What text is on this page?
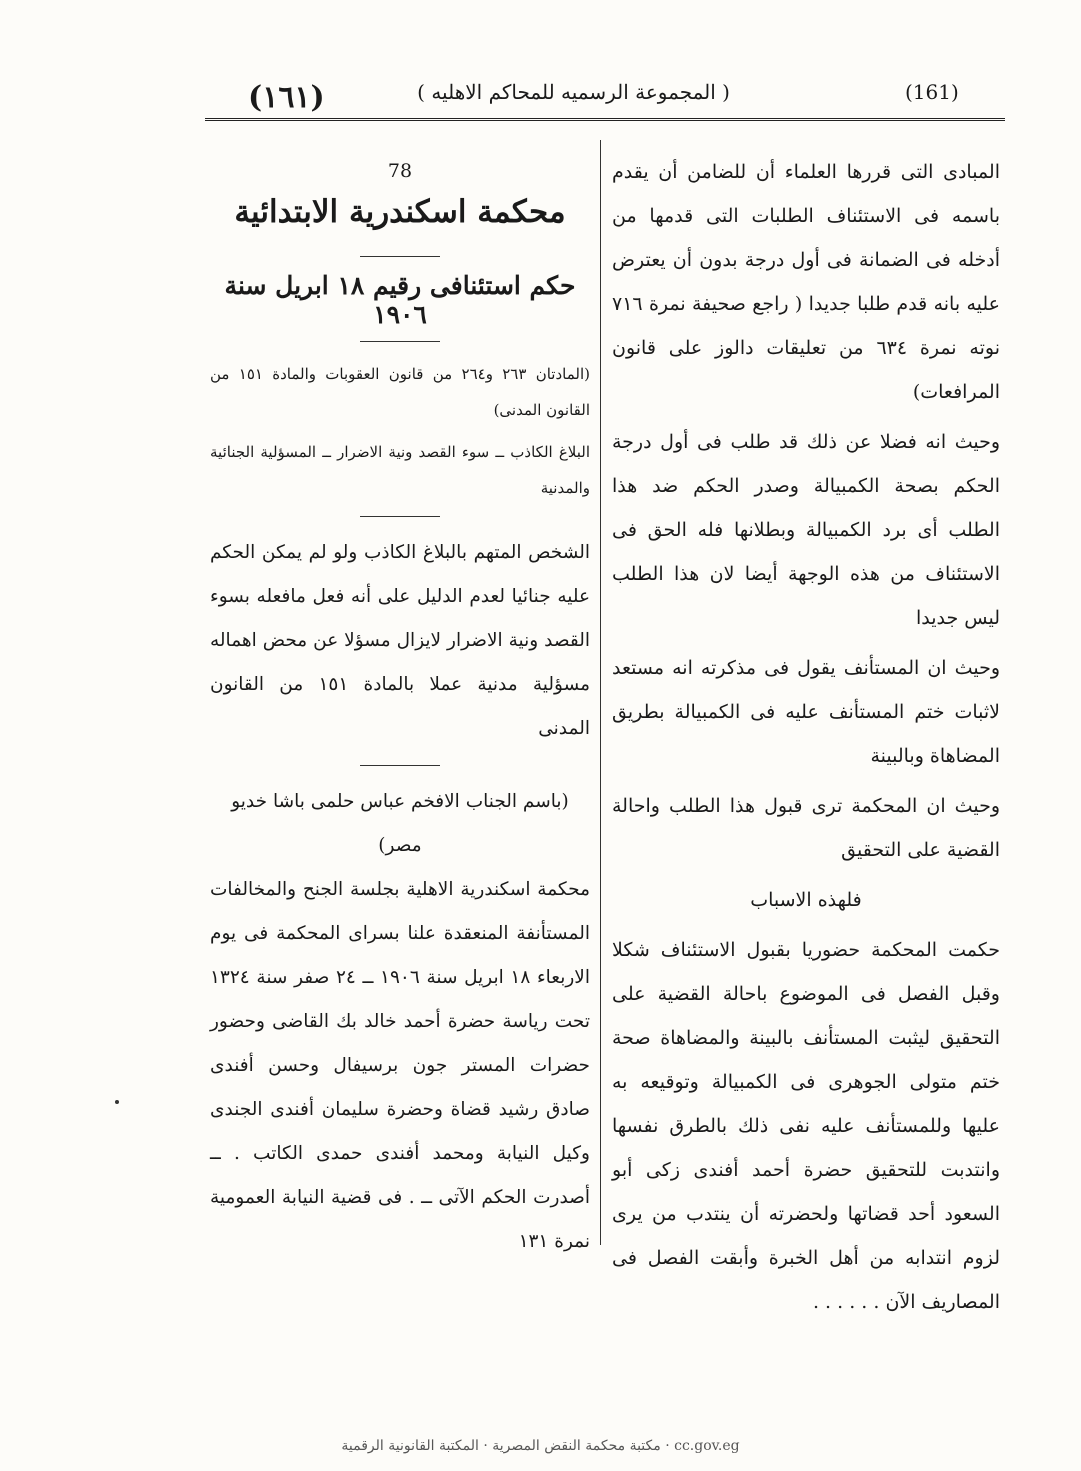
(١٦١)	( المجموعة الرسميه للمحاكم الاهليه )	(161)

المبادى التى قررها العلماء أن للضامن أن يقدم باسمه فى الاستئناف الطلبات التى قدمها من أدخله فى الضمانة فى أول درجة بدون أن يعترض عليه بانه قدم طلبا جديدا ( راجع صحيفة نمرة ٧١٦ نوته نمرة ٦٣٤ من تعليقات دالوز على قانون المرافعات)

وحيث انه فضلا عن ذلك قد طلب فى أول درجة الحكم بصحة الكمبيالة وصدر الحكم ضد هذا الطلب أى برد الكمبيالة وبطلانها فله الحق فى الاستئناف من هذه الوجهة أيضا لان هذا الطلب ليس جديدا

وحيث ان المستأنف يقول فى مذكرته انه مستعد لاثبات ختم المستأنف عليه فى الكمبيالة بطريق المضاهاة وبالبينة

وحيث ان المحكمة ترى قبول هذا الطلب واحالة القضية على التحقيق

فلهذه الاسباب

حكمت المحكمة حضوريا بقبول الاستئناف شكلا وقبل الفصل فى الموضوع باحالة القضية على التحقيق ليثبت المستأنف بالبينة والمضاهاة صحة ختم متولى الجوهرى فى الكمبيالة وتوقيعه به عليها وللمستأنف عليه نفى ذلك بالطرق نفسها وانتدبت للتحقيق حضرة أحمد أفندى زكى أبو السعود أحد قضاتها ولحضرته أن ينتدب من يرى لزوم انتدابه من أهل الخبرة وأبقت الفصل فى المصاريف الآن . . . . . .

78

محكمة اسكندرية الابتدائية

حكم استئنافى رقيم ١٨ ابريل سنة ١٩٠٦

(المادتان ٢٦٣ و٢٦٤ من قانون العقوبات والمادة ١٥١ من القانون المدنى)

البلاغ الكاذب ــ سوء القصد ونية الاضرار ــ المسؤلية الجنائية والمدنية

الشخص المتهم بالبلاغ الكاذب ولو لم يمكن الحكم عليه جنائيا لعدم الدليل على أنه فعل مافعله بسوء القصد ونية الاضرار لايزال مسؤلا عن محض اهماله مسؤلية مدنية عملا بالمادة ١٥١ من القانون المدنى

(باسم الجناب الافخم عباس حلمى باشا خديو مصر)

محكمة اسكندرية الاهلية بجلسة الجنح والمخالفات المستأنفة المنعقدة علنا بسراى المحكمة فى يوم الاربعاء ١٨ ابريل سنة ١٩٠٦ ــ ٢٤ صفر سنة ١٣٢٤ تحت رياسة حضرة أحمد خالد بك القاضى وحضور حضرات المستر جون برسيفال وحسن أفندى صادق رشيد قضاة وحضرة سليمان أفندى الجندى وكيل النيابة ومحمد أفندى حمدى الكاتب . ــ أصدرت الحكم الآتى ــ . فى قضية النيابة العمومية نمرة ١٣١

cc.gov.eg · مكتبة محكمة النقض المصرية · المكتبة القانونية الرقمية
